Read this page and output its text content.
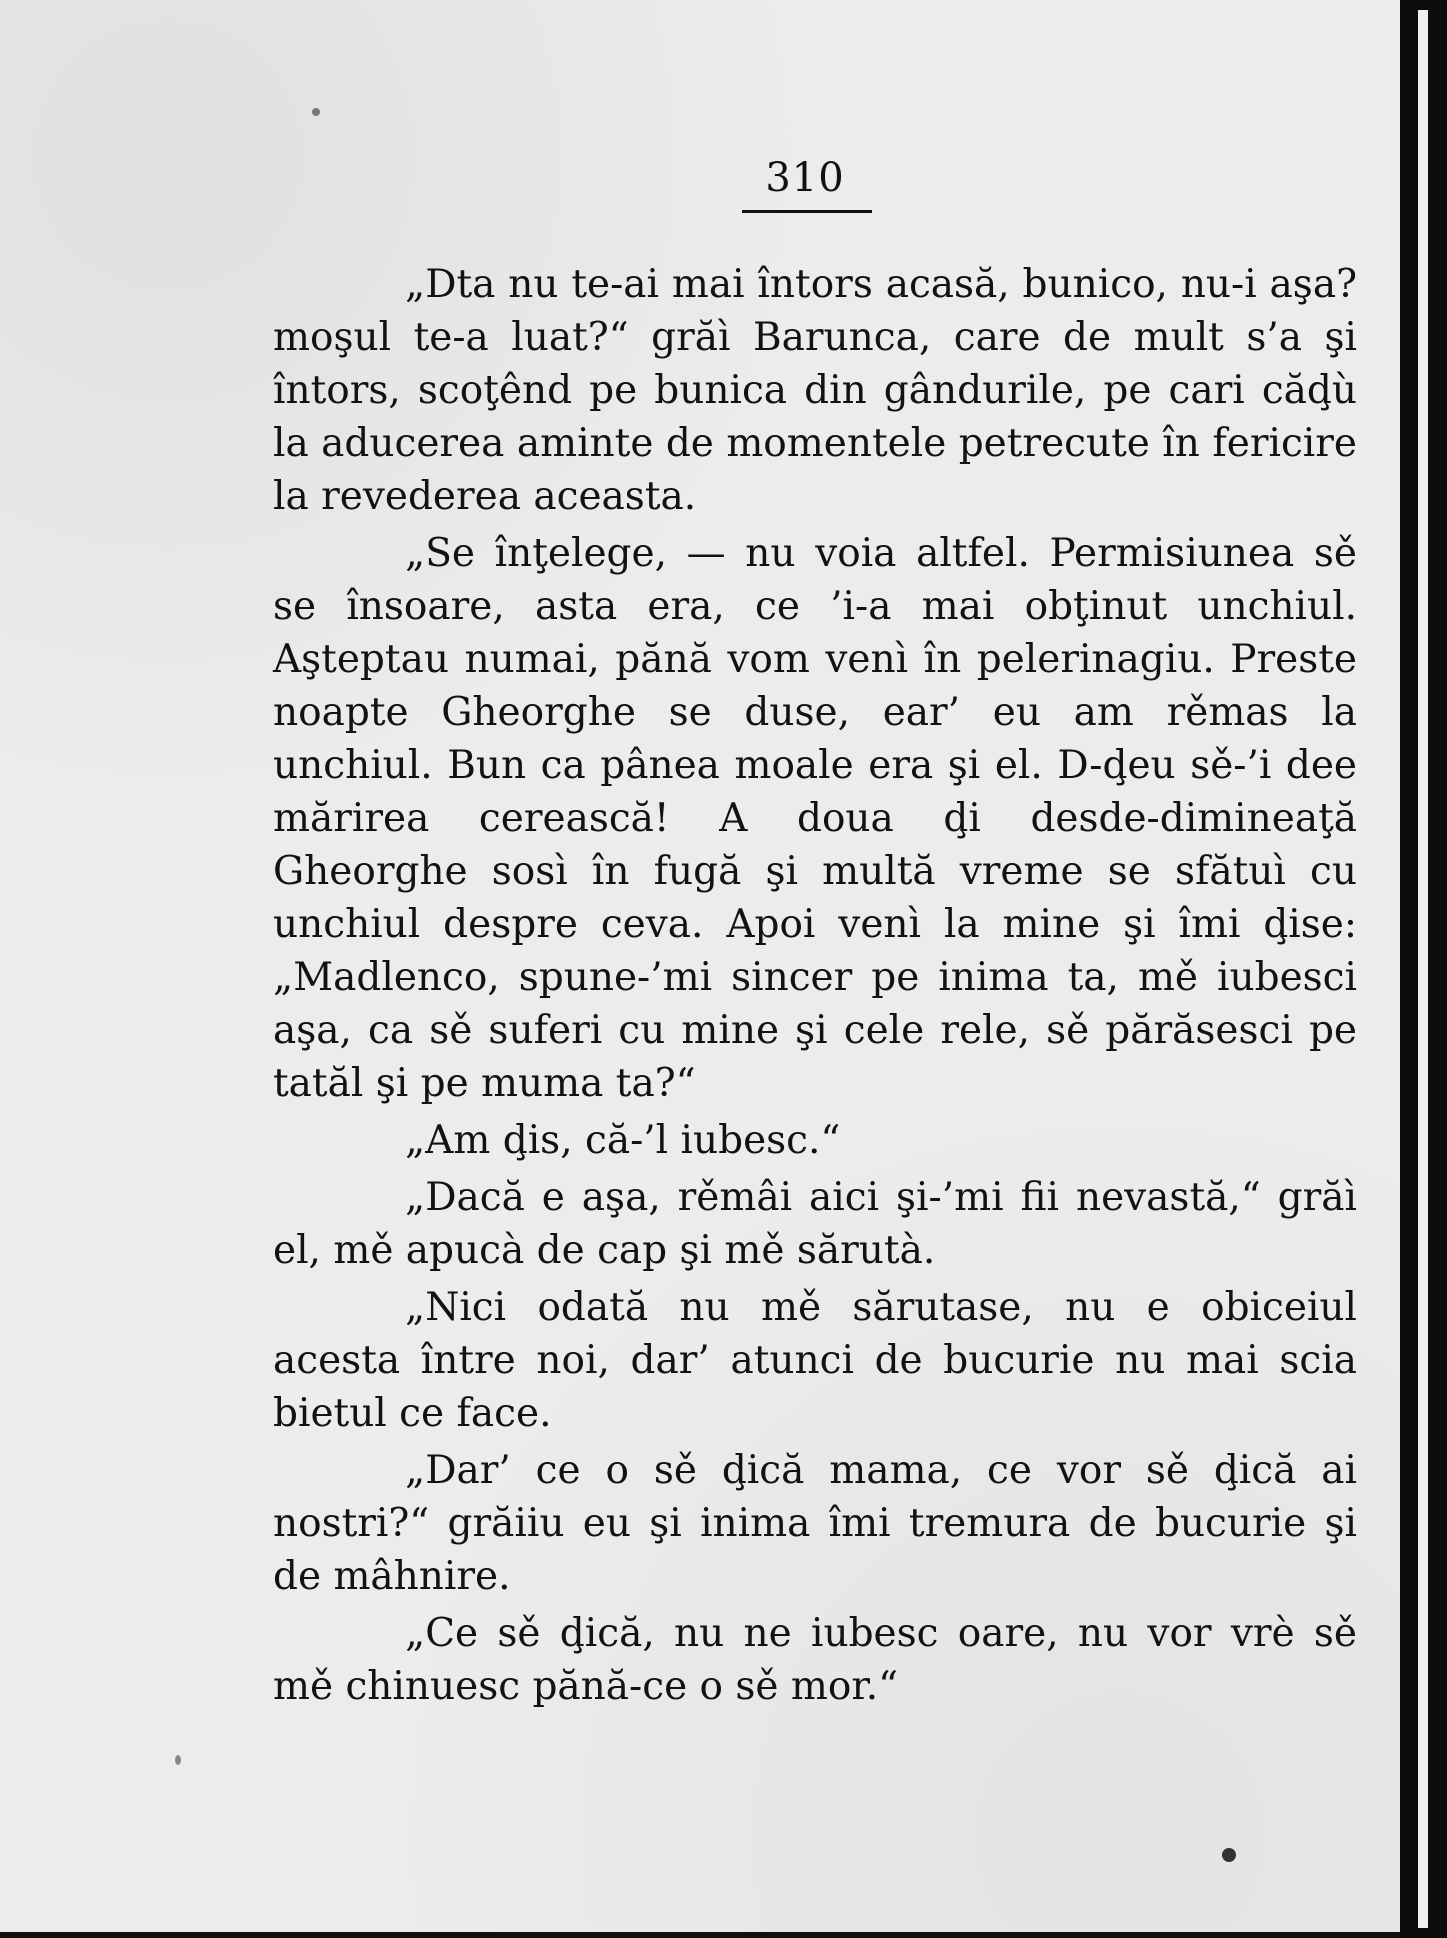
310

„Dta nu te-ai mai întors acasă, bunico, nu-i aşa? moşul te-a luat?“ grăì Barunca, care de mult s’a şi întors, scoţênd pe bunica din gândurile, pe cari căḑù la aducerea aminte de momentele petrecute în fericire la revederea aceasta.

„Se înţelege, — nu voia altfel. Permisiunea sě se însoare, asta era, ce ’i-a mai obţinut unchiul. Aşteptau numai, pănă vom venì în pelerinagiu. Preste noapte Gheorghe se duse, ear’ eu am rěmas la unchiul. Bun ca pânea moale era şi el. D-ḑeu sě-’i dee mărirea cerească! A doua ḑi desde-dimineaţă Gheorghe sosì în fugă şi multă vreme se sfătuì cu unchiul despre ceva. Apoi venì la mine şi îmi ḑise: „Madlenco, spune-’mi sincer pe inima ta, mě iubesci aşa, ca sě suferi cu mine şi cele rele, sě părăsesci pe tatăl şi pe muma ta?“

„Am ḑis, că-’l iubesc.“

„Dacă e aşa, rěmâi aici şi-’mi fii nevastă,“ grăì el, mě apucà de cap şi mě sărutà.

„Nici odată nu mě sărutase, nu e obiceiul acesta între noi, dar’ atunci de bucurie nu mai scia bietul ce face.

„Dar’ ce o sě ḑică mama, ce vor sě ḑică ai nostri?“ grăiiu eu şi inima îmi tremura de bucurie şi de mâhnire.

„Ce sě ḑică, nu ne iubesc oare, nu vor vrè sě mě chinuesc pănă-ce o sě mor.“
